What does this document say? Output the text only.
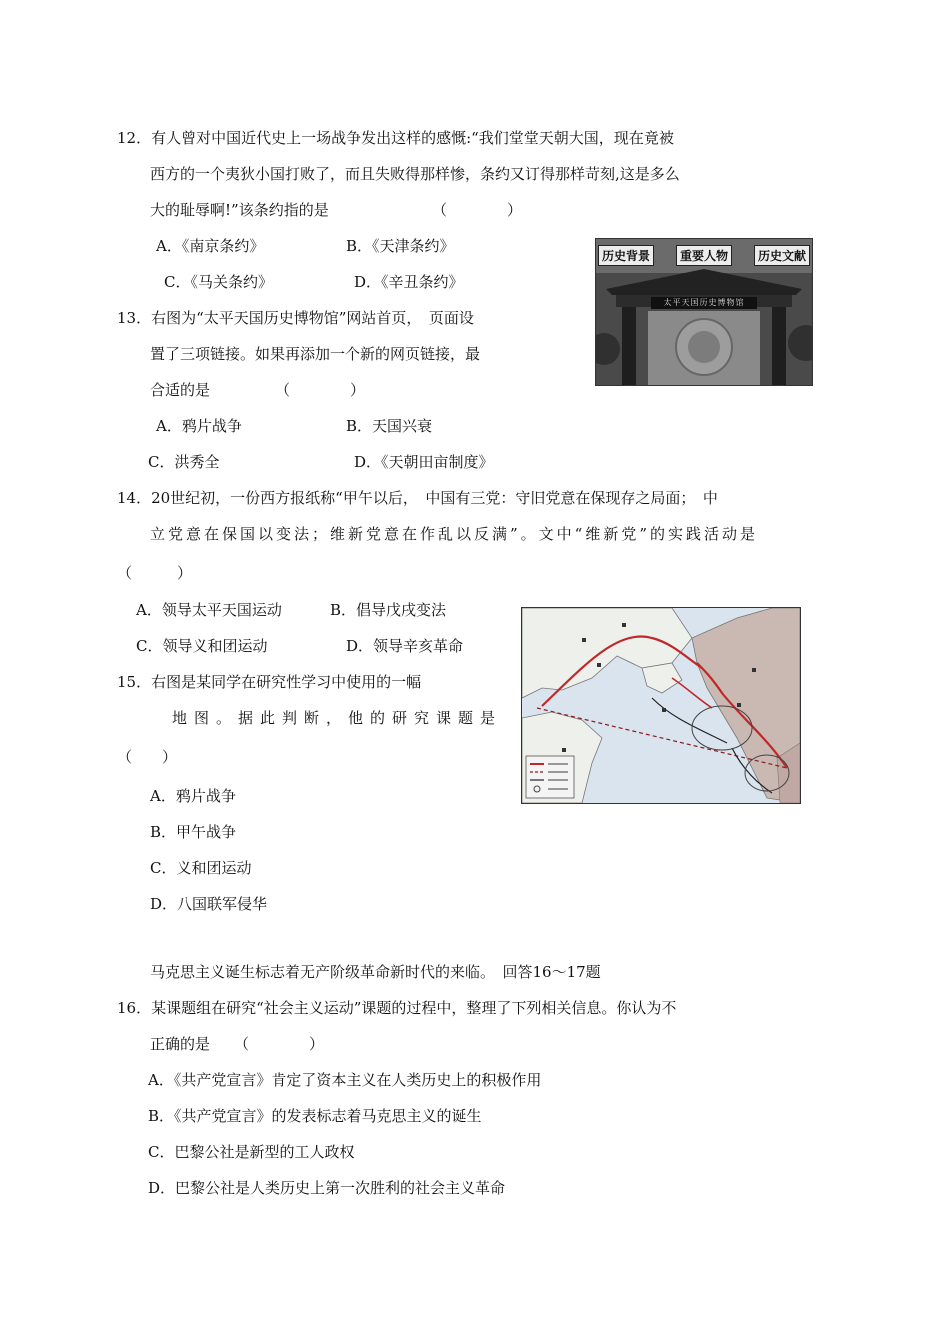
12．有人曾对中国近代史上一场战争发出这样的感慨:“我们堂堂天朝大国，现在竟被
西方的一个夷狄小国打败了，而且失败得那样惨，条约又订得那样苛刻,这是多么
大的耻辱啊!”该条约指的是	（　　　　）
A．《南京条约》	B．《天津条约》
C．《马关条约》	D．《辛丑条约》
历史背景	重要人物	历史文献
太平天国历史博物馆
13．右图为“太平天国历史博物馆”网站首页，　页面设
置了三项链接。如果再添加一个新的网页链接，最
合适的是	（　　　　）
A．鸦片战争	B．天国兴衰
C．洪秀全	D．《天朝田亩制度》
14．20世纪初，一份西方报纸称“甲午以后，　中国有三党：守旧党意在保现存之局面；　中
立党意在保国以变法；维新党意在作乱以反满”。文中“维新党”的实践活动是
（　　　）
A．领导太平天国运动	B．倡导戊戌变法
C．领导义和团运动	D．领导辛亥革命
15．右图是某同学在研究性学习中使用的一幅
地图。据此判断，他的研究课题是
（　　）
A．鸦片战争
B．甲午战争
C．义和团运动
D．八国联军侵华
马克思主义诞生标志着无产阶级革命新时代的来临。　回答16～17题
16．某课题组在研究“社会主义运动”课题的过程中，整理了下列相关信息。你认为不
正确的是 （　　　　）
A．《共产党宣言》肯定了资本主义在人类历史上的积极作用
B．《共产党宣言》的发表标志着马克思主义的诞生
C．巴黎公社是新型的工人政权
D．巴黎公社是人类历史上第一次胜利的社会主义革命
